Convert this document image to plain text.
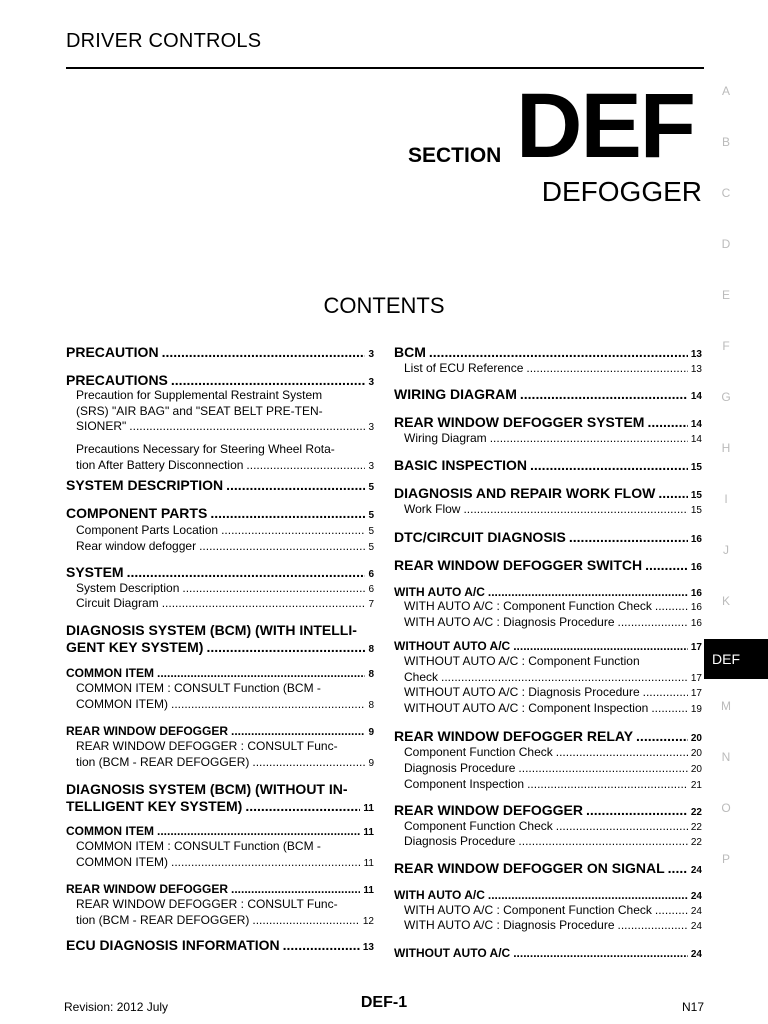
DRIVER CONTROLS
SECTION DEF
DEFOGGER
CONTENTS
A
B
C
D
E
F
G
H
I
J
K
DEF
M
N
O
P
PRECAUTION .....	3
PRECAUTIONS .....	3
Precaution for Supplemental Restraint System
(SRS) "AIR BAG" and "SEAT BELT PRE-TEN-
SIONER" .....	3
Precautions Necessary for Steering Wheel Rota-
tion After Battery Disconnection .....	3
SYSTEM DESCRIPTION .....	5
COMPONENT PARTS .....	5
Component Parts Location .....	5
Rear window defogger .....	5
SYSTEM .....	6
System Description .....	6
Circuit Diagram .....	7
DIAGNOSIS SYSTEM (BCM) (WITH INTELLI-
GENT KEY SYSTEM) .....	8
COMMON ITEM .....	8
COMMON ITEM : CONSULT Function (BCM -
COMMON ITEM) .....	8
REAR WINDOW DEFOGGER .....	9
REAR WINDOW DEFOGGER : CONSULT Func-
tion (BCM - REAR DEFOGGER) .....	9
DIAGNOSIS SYSTEM (BCM) (WITHOUT IN-
TELLIGENT KEY SYSTEM) .....	11
COMMON ITEM .....	11
COMMON ITEM : CONSULT Function (BCM -
COMMON ITEM) .....	11
REAR WINDOW DEFOGGER .....	11
REAR WINDOW DEFOGGER : CONSULT Func-
tion (BCM - REAR DEFOGGER) .....	12
ECU DIAGNOSIS INFORMATION .....	13
BCM .....	13
List of ECU Reference .....	13
WIRING DIAGRAM .....	14
REAR WINDOW DEFOGGER SYSTEM .....	14
Wiring Diagram .....	14
BASIC INSPECTION .....	15
DIAGNOSIS AND REPAIR WORK FLOW .....	15
Work Flow .....	15
DTC/CIRCUIT DIAGNOSIS .....	16
REAR WINDOW DEFOGGER SWITCH .....	16
WITH AUTO A/C .....	16
WITH AUTO A/C : Component Function Check .....	16
WITH AUTO A/C : Diagnosis Procedure .....	16
WITHOUT AUTO A/C .....	17
WITHOUT AUTO A/C : Component Function
Check .....	17
WITHOUT AUTO A/C : Diagnosis Procedure .....	17
WITHOUT AUTO A/C : Component Inspection .....	19
REAR WINDOW DEFOGGER RELAY .....	20
Component Function Check .....	20
Diagnosis Procedure .....	20
Component Inspection .....	21
REAR WINDOW DEFOGGER .....	22
Component Function Check .....	22
Diagnosis Procedure .....	22
REAR WINDOW DEFOGGER ON SIGNAL .....	24
WITH AUTO A/C .....	24
WITH AUTO A/C : Component Function Check .....	24
WITH AUTO A/C : Diagnosis Procedure .....	24
WITHOUT AUTO A/C .....	24
Revision: 2012 July	DEF-1	N17
